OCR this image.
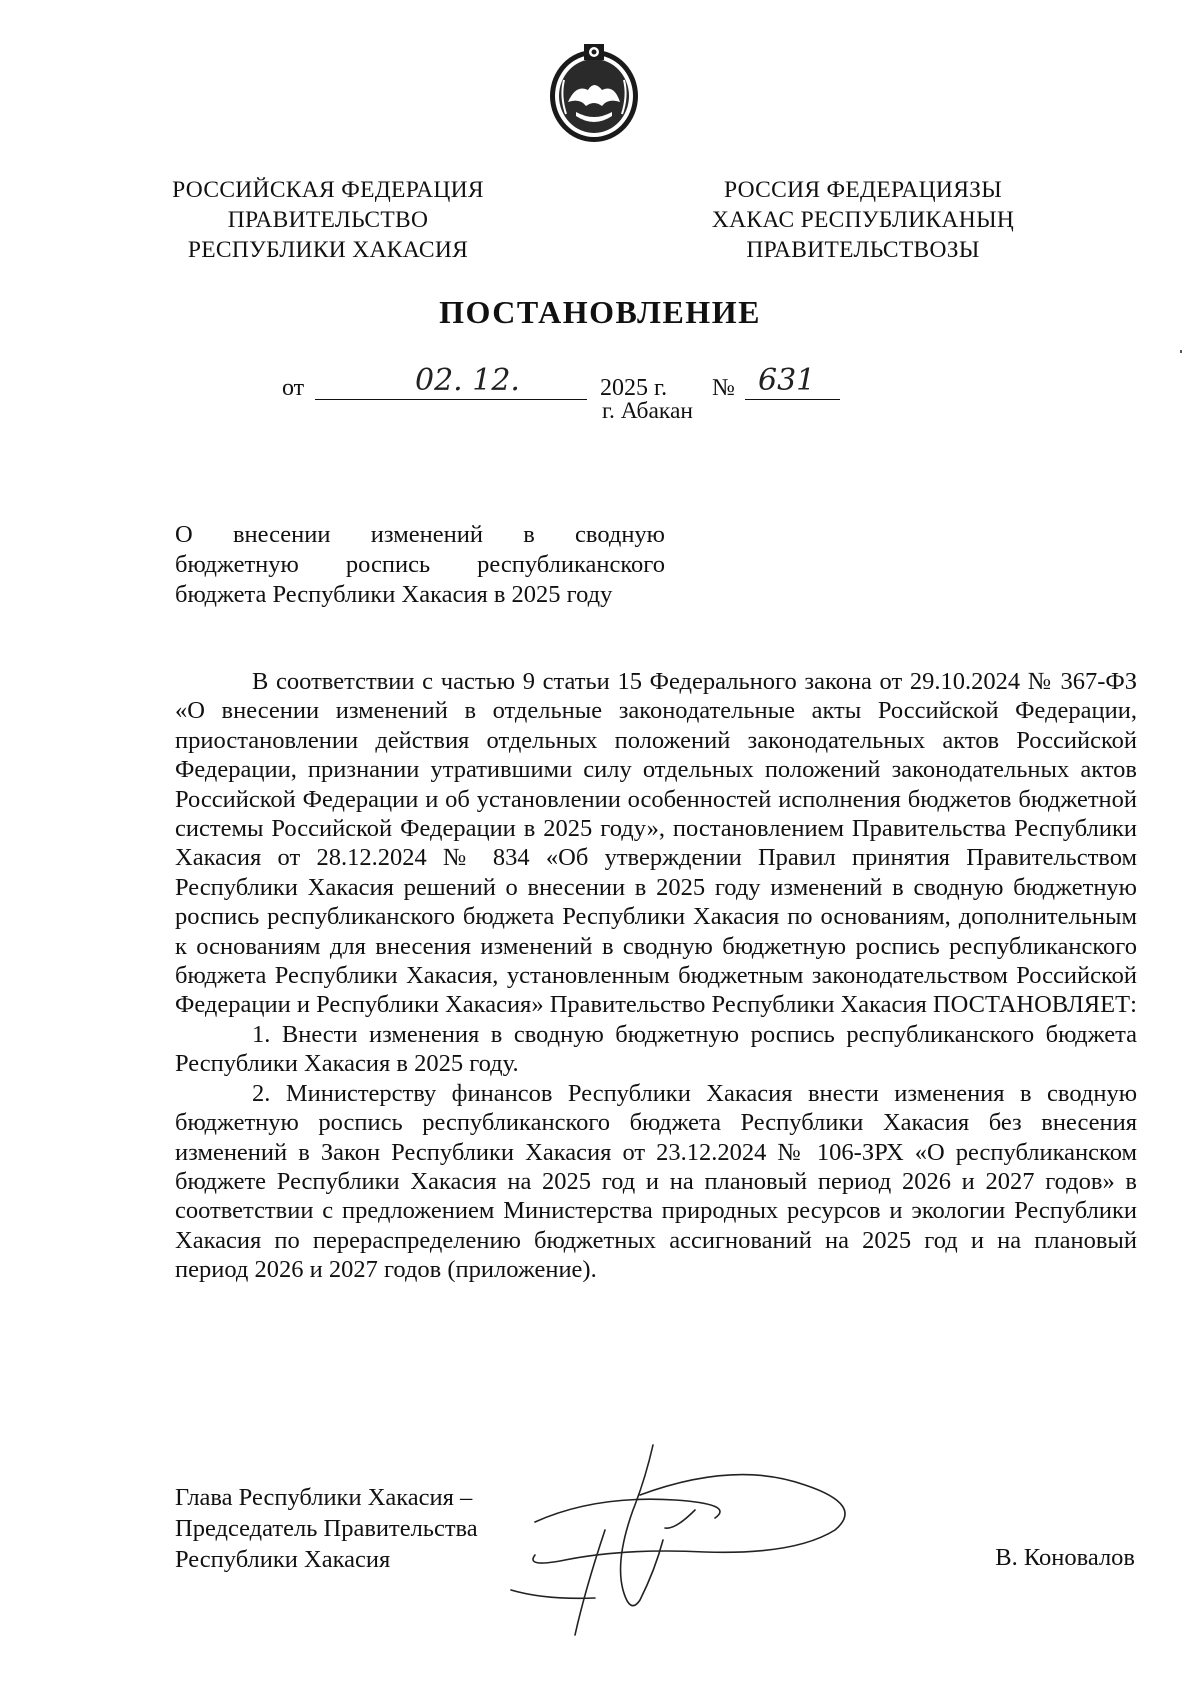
РОССИЙСКАЯ ФЕДЕРАЦИЯ
ПРАВИТЕЛЬСТВО
РЕСПУБЛИКИ ХАКАСИЯ
РОССИЯ ФЕДЕРАЦИЯЗЫ
ХАКАС РЕСПУБЛИКАНЫҢ
ПРАВИТЕЛЬСТВОЗЫ
ПОСТАНОВЛЕНИЕ
от	02. 12.	2025 г. № 631
г. Абакан
О внесении изменений в сводную
бюджетную роспись республиканского
бюджета Республики Хакасия в 2025 году

В соответствии с частью 9 статьи 15 Федерального закона от 29.10.2024 № 367-ФЗ «О внесении изменений в отдельные законодательные акты Российской Федерации, приостановлении действия отдельных положений законодательных актов Российской Федерации, признании утратившими силу отдельных положений законодательных актов Российской Федерации и об установлении особенностей исполнения бюджетов бюджетной системы Российской Федерации в 2025 году», постановлением Правительства Республики Хакасия от 28.12.2024 № 834 «Об утверждении Правил принятия Правительством Республики Хакасия решений о внесении в 2025 году изменений в сводную бюджетную роспись республиканского бюджета Республики Хакасия по основаниям, дополнительным к основаниям для внесения изменений в сводную бюджетную роспись республиканского бюджета Республики Хакасия, установленным бюджетным законодательством Российской Федерации и Республики Хакасия» Правительство Республики Хакасия ПОСТАНОВЛЯЕТ:

1. Внести изменения в сводную бюджетную роспись республиканского бюджета Республики Хакасия в 2025 году.

2. Министерству финансов Республики Хакасия внести изменения в сводную бюджетную роспись республиканского бюджета Республики Хакасия без внесения изменений в Закон Республики Хакасия от 23.12.2024 № 106-ЗРХ «О республиканском бюджете Республики Хакасия на 2025 год и на плановый период 2026 и 2027 годов» в соответствии с предложением Министерства природных ресурсов и экологии Республики Хакасия по перераспределению бюджетных ассигнований на 2025 год и на плановый период 2026 и 2027 годов (приложение).

Глава Республики Хакасия –
Председатель Правительства
Республики Хакасия	В. Коновалов
